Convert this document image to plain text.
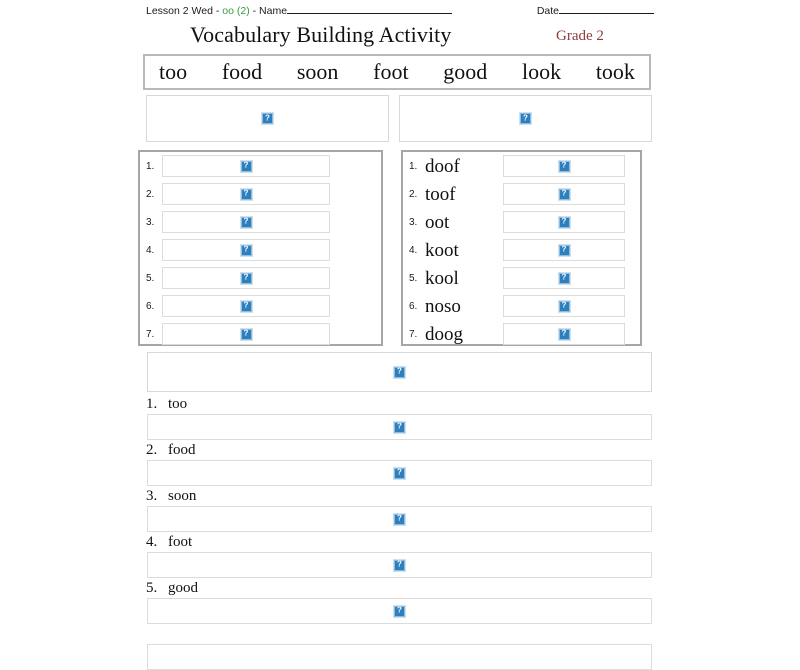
Lesson 2 Wed - oo (2) - Name	Date
Vocabulary Building Activity	Grade 2
too food soon foot good look took
?	?
1.	?
2.	?
3.	?
4.	?
5.	?
6.	?
7.	?
1. doof	?
2. toof	?
3. oot	?
4. koot	?
5. kool	?
6. noso	?
7. doog	?
?
?
1. too
?
2. food
?
3. soon
?
4. foot
?
5. good
